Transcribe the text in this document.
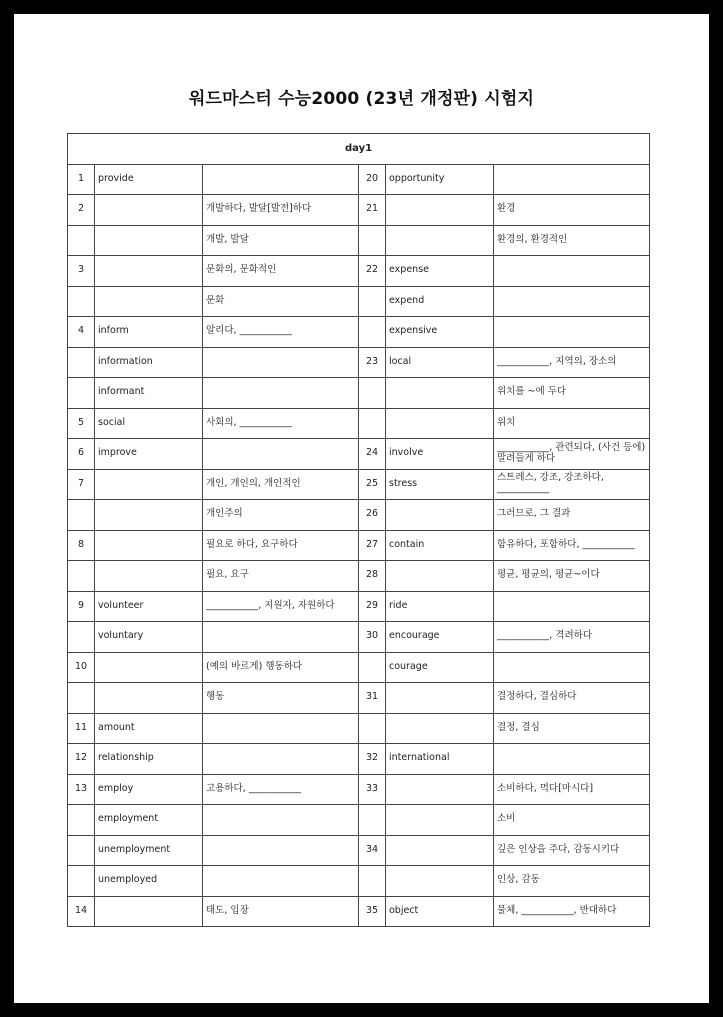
워드마스터 수능2000 (23년 개정판) 시험지
day1					
1	provide		20	opportunity	
2		개발하다, 발달[발전]하다	21		환경
		개발, 발달			환경의, 환경적인
3		문화의, 문화적인	22	expense	
		문화		expend	
4	inform	알리다, ___________		expensive	
	information		23	local	___________, 지역의, 장소의
	informant				위치를 ~에 두다
5	social	사회의, ___________			위치
6	improve		24	involve	___________, 관련되다, (사건 등에) 말려들게 하다
7		개인, 개인의, 개인적인	25	stress	스트레스, 강조, 강조하다, ___________
		개인주의	26		그러므로, 그 결과
8		필요로 하다, 요구하다	27	contain	함유하다, 포함하다, ___________
		필요, 요구	28		평균, 평균의, 평균~이다
9	volunteer	___________, 지원자, 자원하다	29	ride	
	voluntary		30	encourage	___________, 격려하다
10		(예의 바르게) 행동하다		courage	
		행동	31		결정하다, 결심하다
11	amount				결정, 결심
12	relationship		32	international	
13	employ	고용하다, ___________	33		소비하다, 먹다[마시다]
	employment				소비
	unemployment		34		깊은 인상을 주다, 감동시키다
	unemployed				인상, 감동
14		태도, 입장	35	object	물체, ___________, 반대하다
